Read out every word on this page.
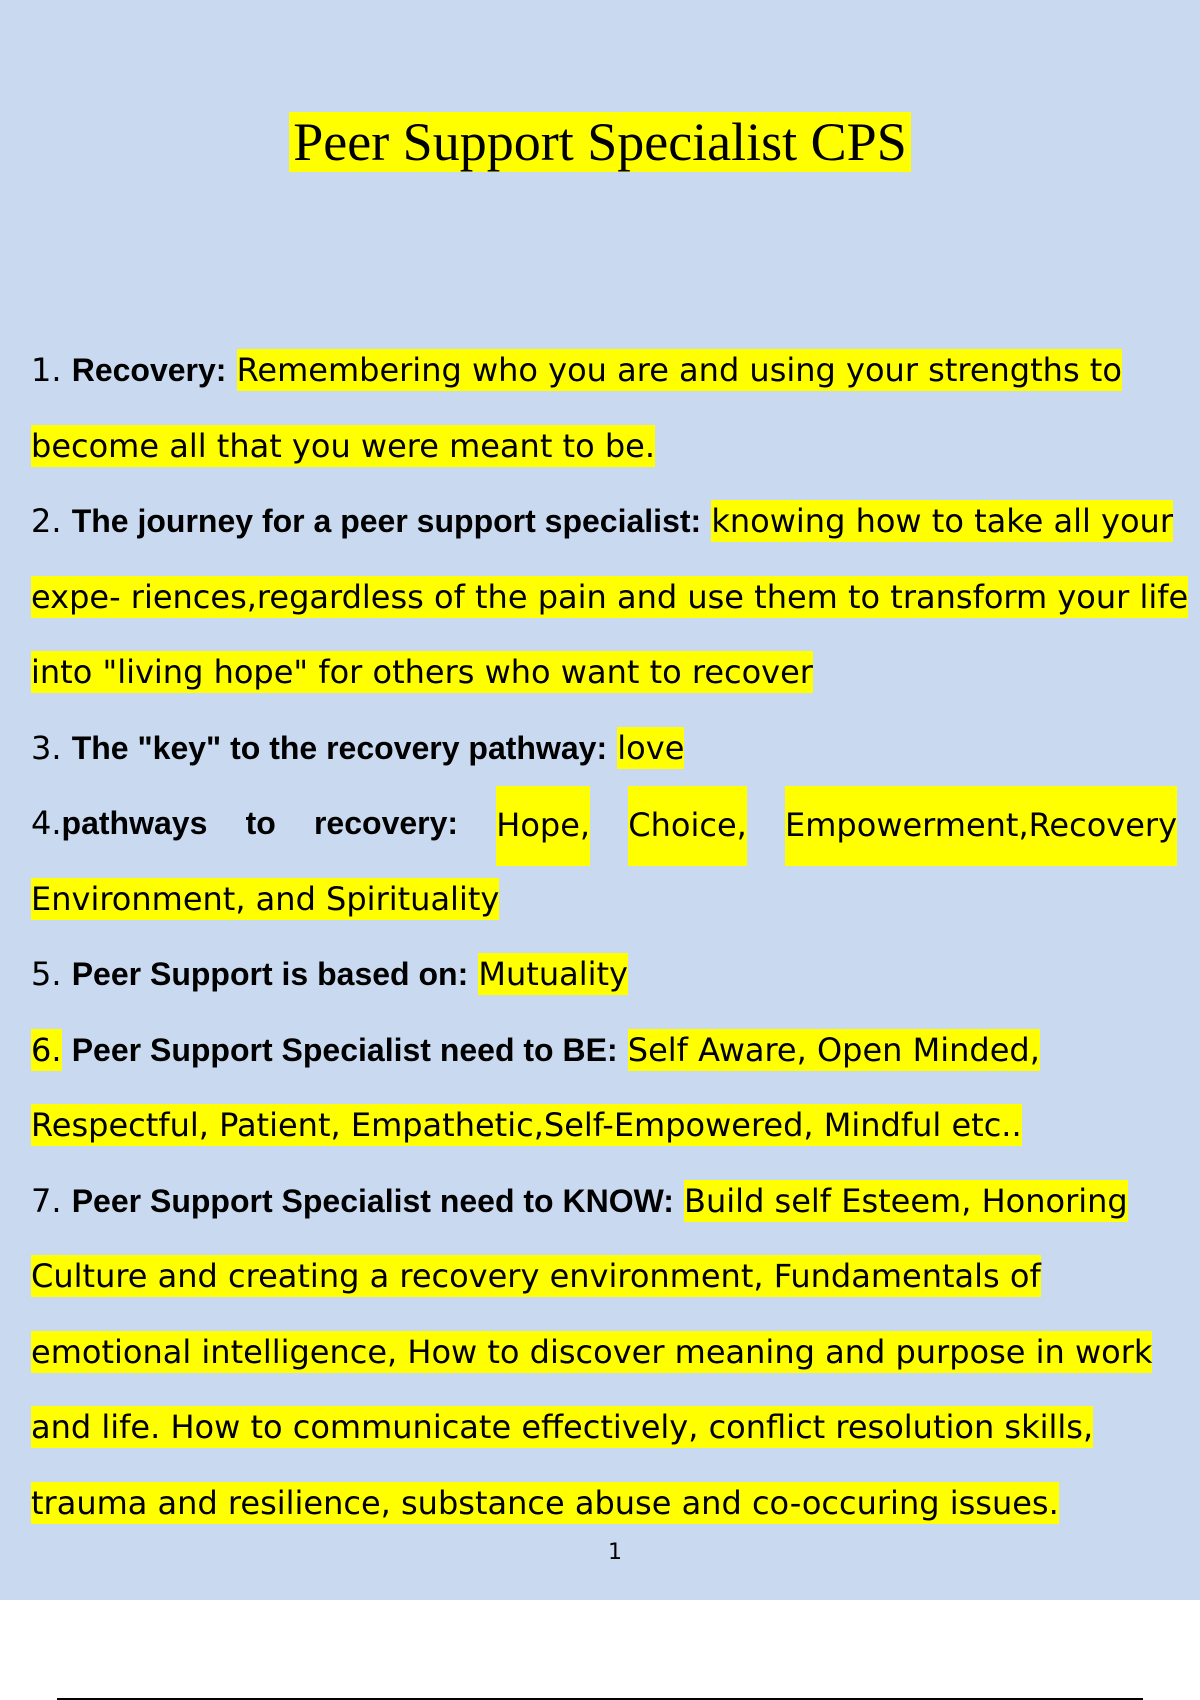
Peer Support Specialist CPS
1. Recovery: Remembering who you are and using your strengths to
become all that you were meant to be.
2. The journey for a peer support specialist: knowing how to take all your
expe- riences,regardless of the pain and use them to transform your life
into "living hope" for others who want to recover
3. The "key" to the recovery pathway: love
4.pathways to recovery: Hope, Choice, Empowerment,Recovery
Environment, and Spirituality
5. Peer Support is based on: Mutuality
6. Peer Support Specialist need to BE: Self Aware, Open Minded,
Respectful, Patient, Empathetic,Self-Empowered, Mindful etc..
7. Peer Support Specialist need to KNOW: Build self Esteem, Honoring
Culture and creating a recovery environment, Fundamentals of
emotional intelligence, How to discover meaning and purpose in work
and life. How to communicate effectively, conflict resolution skills,
trauma and resilience, substance abuse and co-occuring issues.
1
